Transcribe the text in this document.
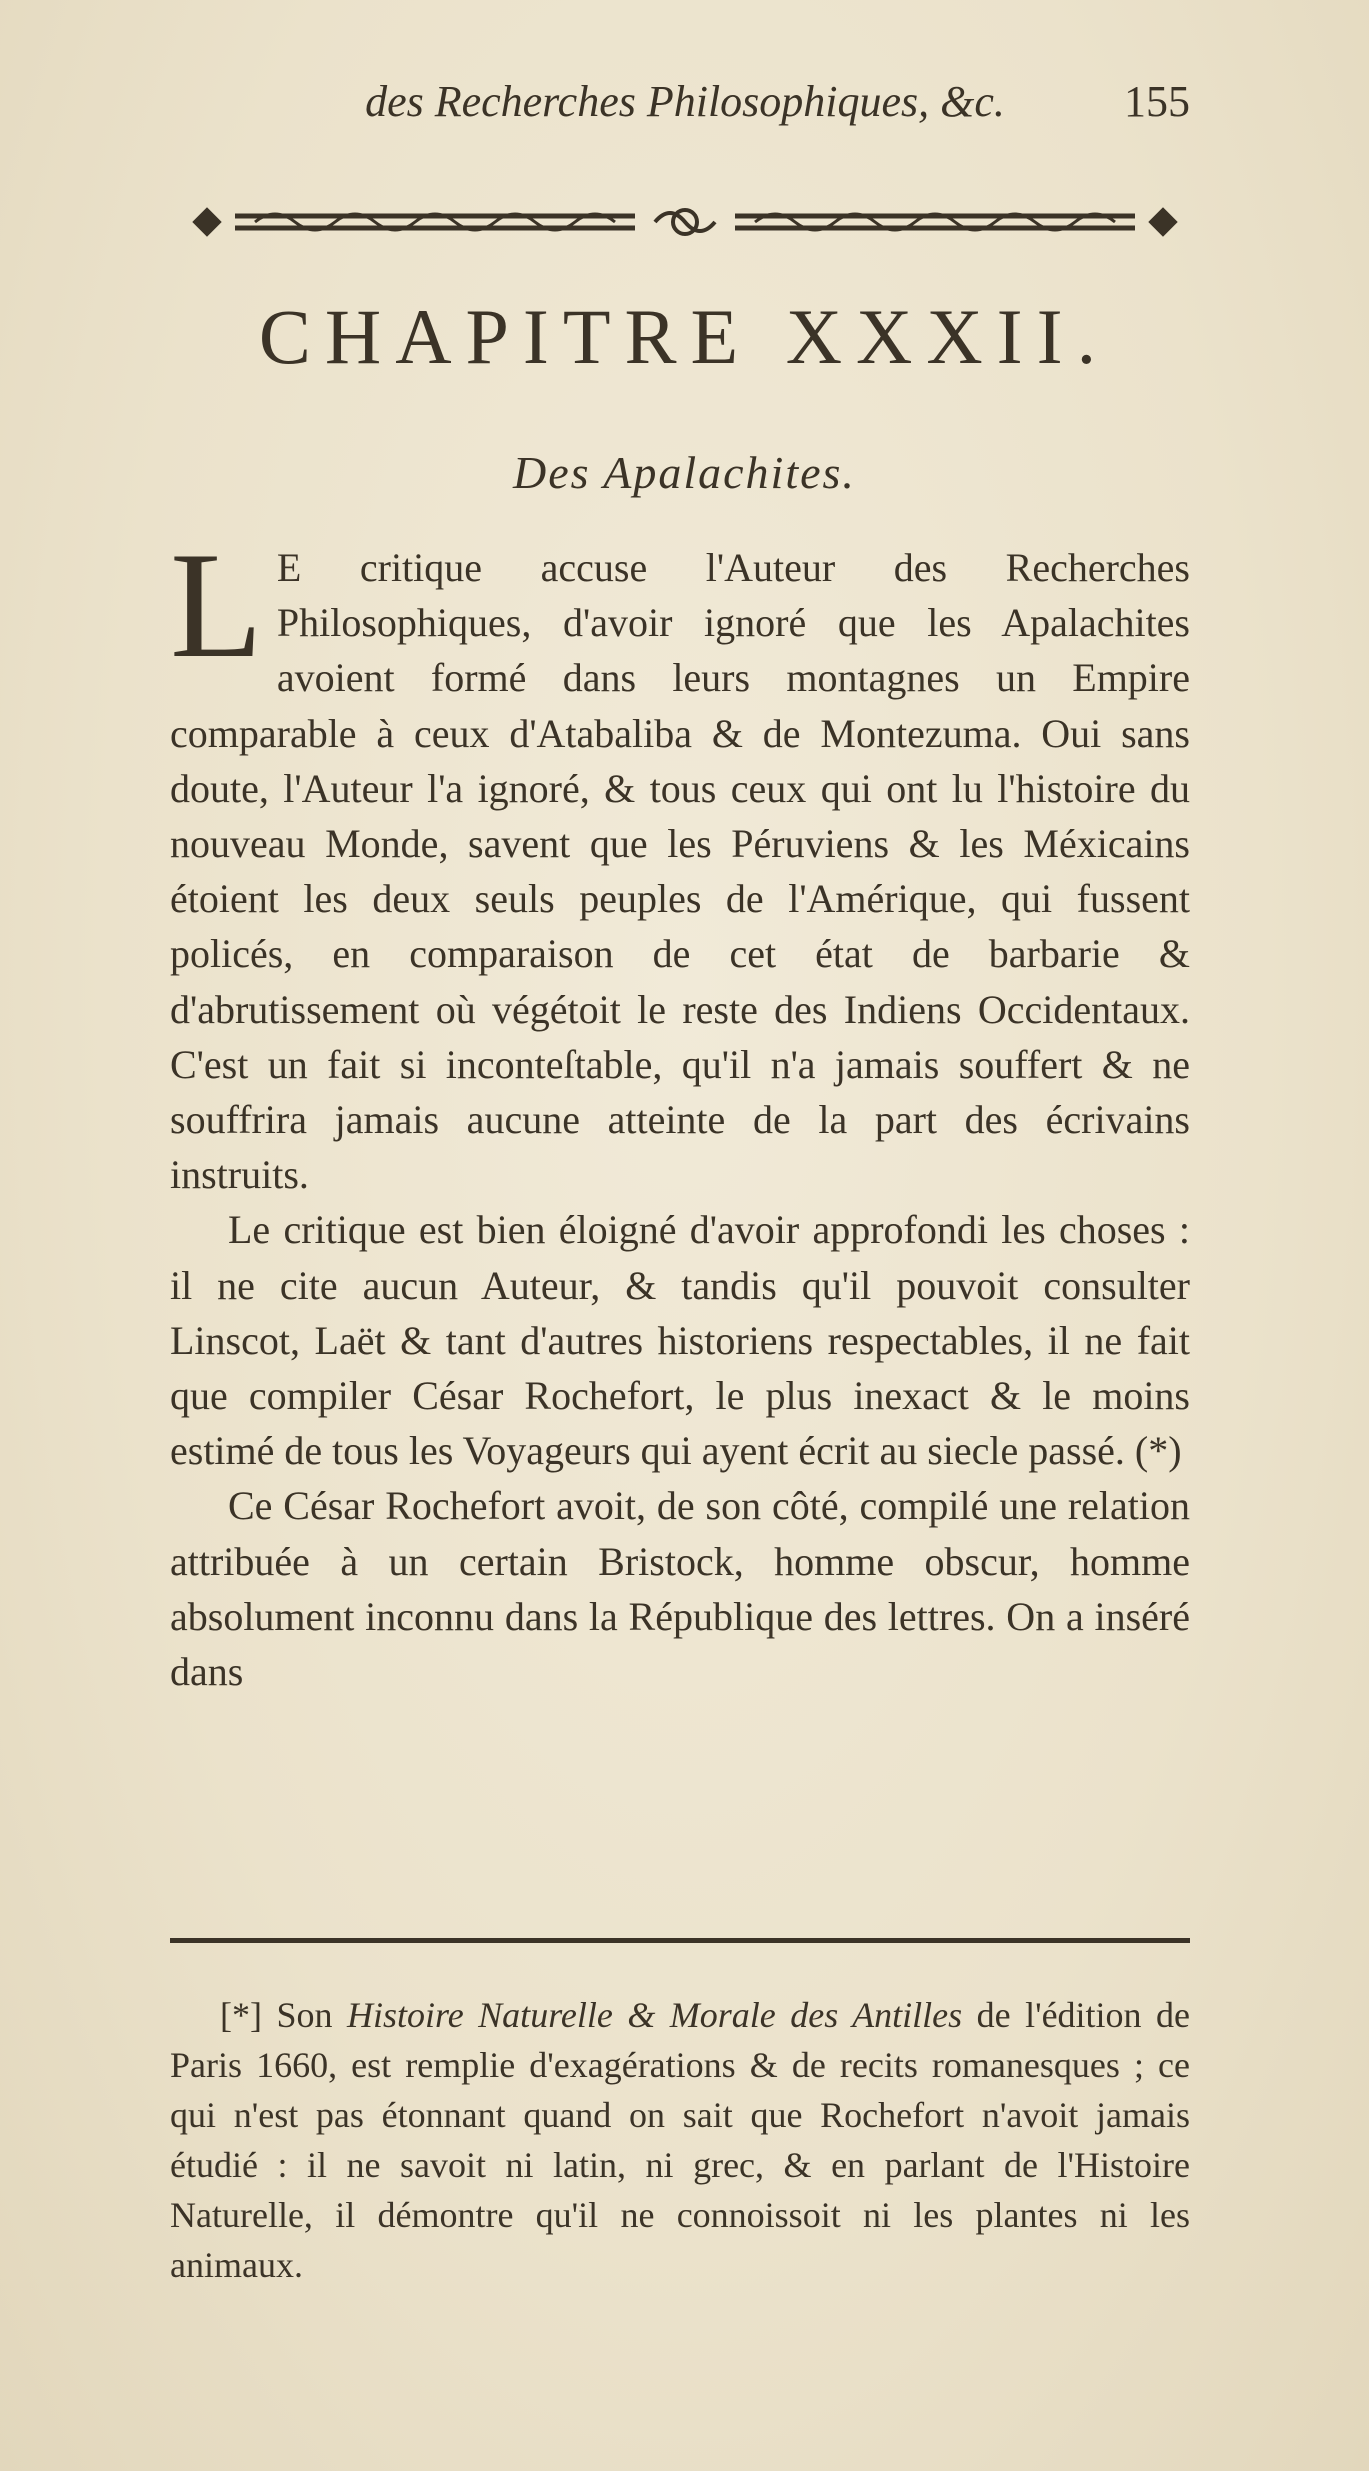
des Recherches Philosophiques, &c.	155
CHAPITRE XXXII.
Des Apalachites.

L E critique accuse l'Auteur des Recherches Philosophiques, d'avoir ignoré que les Apalachites avoient formé dans leurs montagnes un Empire comparable à ceux d'Atabaliba & de Montezuma. Oui sans doute, l'Auteur l'a ignoré, & tous ceux qui ont lu l'histoire du nouveau Monde, savent que les Péruviens & les Méxicains étoient les deux seuls peuples de l'Amérique, qui fussent policés, en comparaison de cet état de barbarie & d'abrutissement où végétoit le reste des Indiens Occidentaux. C'est un fait si inconteſtable, qu'il n'a jamais souffert & ne souffrira jamais aucune atteinte de la part des écrivains instruits.

Le critique est bien éloigné d'avoir approfondi les choses : il ne cite aucun Auteur, & tandis qu'il pouvoit consulter Linscot, Laët & tant d'autres historiens respectables, il ne fait que compiler César Rochefort, le plus inexact & le moins estimé de tous les Voyageurs qui ayent écrit au siecle passé. (*)

Ce César Rochefort avoit, de son côté, compilé une relation attribuée à un certain Bristock, homme obscur, homme absolument inconnu dans la République des lettres. On a inséré dans

[*] Son Histoire Naturelle & Morale des Antilles de l'édition de Paris 1660, est remplie d'exagérations & de recits romanesques ; ce qui n'est pas étonnant quand on sait que Rochefort n'avoit jamais étudié : il ne savoit ni latin, ni grec, & en parlant de l'Histoire Naturelle, il démontre qu'il ne connoissoit ni les plantes ni les animaux.
